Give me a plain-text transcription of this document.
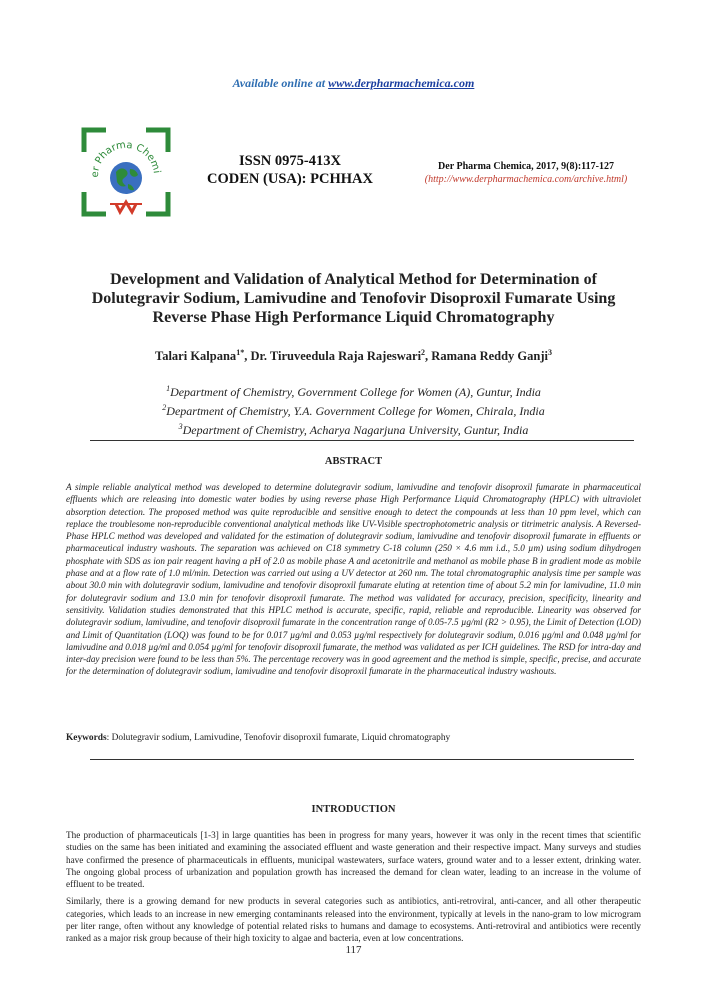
Available online at www.derpharmachemica.com
er Pharma Chemi
ISSN 0975-413X
CODEN (USA): PCHHAX
Der Pharma Chemica, 2017, 9(8):117-127
(http://www.derpharmachemica.com/archive.html)
Development and Validation of Analytical Method for Determination of
Dolutegravir Sodium, Lamivudine and Tenofovir Disoproxil Fumarate Using
Reverse Phase High Performance Liquid Chromatography
Talari Kalpana$^{1*}$, Dr. Tiruveedula Raja Rajeswari$^2$, Ramana Reddy Ganji$^3$
$^1$Department of Chemistry, Government College for Women (A), Guntur, India
$^2$Department of Chemistry, Y.A. Government College for Women, Chirala, India
$^3$Department of Chemistry, Acharya Nagarjuna University, Guntur, India
ABSTRACT
A simple reliable analytical method was developed to determine dolutegravir sodium, lamivudine and tenofovir disoproxil fumarate in pharmaceutical effluents which are releasing into domestic water bodies by using reverse phase High Performance Liquid Chromatography (HPLC) with ultraviolet absorption detection. The proposed method was quite reproducible and sensitive enough to detect the compounds at less than 10 ppm level, which can replace the troublesome non-reproducible conventional analytical methods like UV-Visible spectrophotometric analysis or titrimetric analysis. A Reversed-Phase HPLC method was developed and validated for the estimation of dolutegravir sodium, lamivudine and tenofovir disoproxil fumarate in effluents or pharmaceutical industry washouts. The separation was achieved on C18 symmetry C-18 column (250 × 4.6 mm i.d., 5.0 µm) using sodium dihydrogen phosphate with SDS as ion pair reagent having a pH of 2.0 as mobile phase A and acetonitrile and methanol as mobile phase B in gradient mode as mobile phase and at a flow rate of 1.0 ml/min. Detection was carried out using a UV detector at 260 nm. The total chromatographic analysis time per sample was about 30.0 min with dolutegravir sodium, lamivudine and tenofovir disoproxil fumarate eluting at retention time of about 5.2 min for lamivudine, 11.0 min for dolutegravir sodium and 13.0 min for tenofovir disoproxil fumarate. The method was validated for accuracy, precision, specificity, linearity and sensitivity. Validation studies demonstrated that this HPLC method is accurate, specific, rapid, reliable and reproducible. Linearity was observed for dolutegravir sodium, lamivudine, and tenofovir disoproxil fumarate in the concentration range of 0.05-7.5 µg/ml (R2 > 0.95), the Limit of Detection (LOD) and Limit of Quantitation (LOQ) was found to be for 0.017 µg/ml and 0.053 µg/ml respectively for dolutegravir sodium, 0.016 µg/ml and 0.048 µg/ml for lamivudine and 0.018 µg/ml and 0.054 µg/ml for tenofovir disoproxil fumarate, the method was validated as per ICH guidelines. The RSD for intra-day and inter-day precision were found to be less than 5%. The percentage recovery was in good agreement and the method is simple, specific, precise, and accurate for the determination of dolutegravir sodium, lamivudine and tenofovir disoproxil fumarate in the pharmaceutical industry washouts.
Keywords: Dolutegravir sodium, Lamivudine, Tenofovir disoproxil fumarate, Liquid chromatography
INTRODUCTION

The production of pharmaceuticals [1-3] in large quantities has been in progress for many years, however it was only in the recent times that scientific studies on the same has been initiated and examining the associated effluent and waste generation and their respective impact. Many surveys and studies have confirmed the presence of pharmaceuticals in effluents, municipal wastewaters, surface waters, ground water and to a lesser extent, drinking water. The ongoing global process of urbanization and population growth has increased the demand for clean water, leading to an increase in the volume of effluent to be treated.

Similarly, there is a growing demand for new products in several categories such as antibiotics, anti-retroviral, anti-cancer, and all other therapeutic categories, which leads to an increase in new emerging contaminants released into the environment, typically at levels in the nano-gram to low microgram per liter range, often without any knowledge of potential related risks to humans and damage to ecosystems. Anti-retroviral and antibiotics were recently ranked as a major risk group because of their high toxicity to algae and bacteria, even at low concentrations.

117
